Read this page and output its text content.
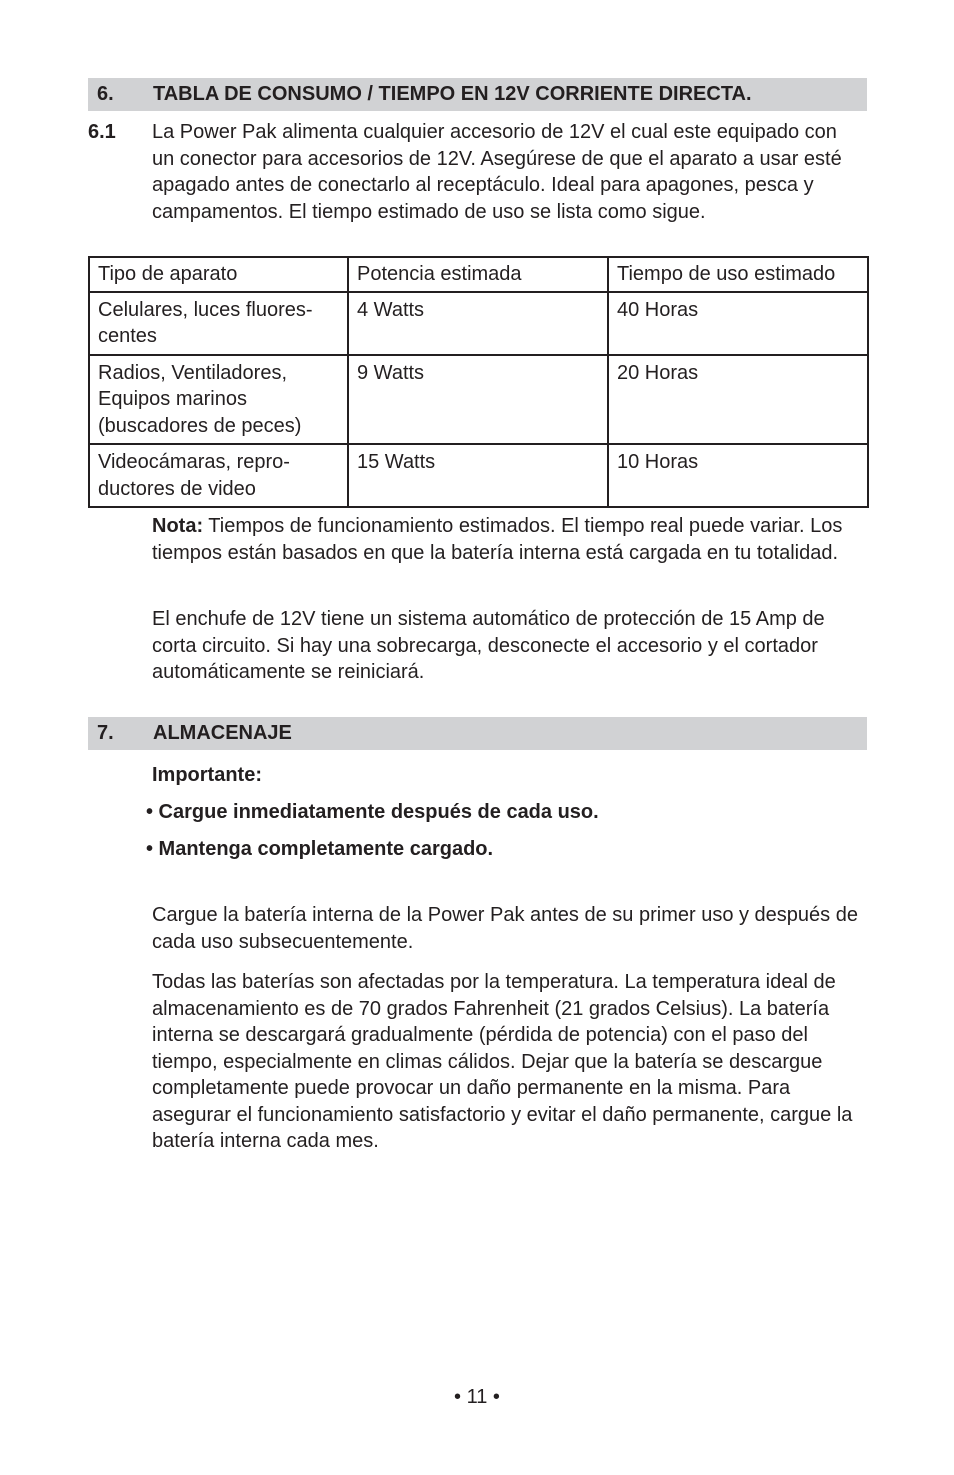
6. TABLA DE CONSUMO / TIEMPO EN 12V CORRIENTE DIRECTA.
6.1 La Power Pak alimenta cualquier accesorio de 12V el cual este equipado con un conector para accesorios de 12V. Asegúrese de que el aparato a usar esté apagado antes de conectarlo al receptáculo. Ideal para apagones, pesca y campamentos. El tiempo estimado de uso se lista como sigue.

Tipo de aparato	Potencia estimada	Tiempo de uso estimado
Celulares, luces fluores-centes	4 Watts	40 Horas
Radios, Ventiladores, Equipos marinos (buscadores de peces)	9 Watts	20 Horas
Videocámaras, repro-ductores de video	15 Watts	10 Horas

Nota: Tiempos de funcionamiento estimados. El tiempo real puede variar. Los tiempos están basados en que la batería interna está cargada en tu totalidad.

El enchufe de 12V tiene un sistema automático de protección de 15 Amp de corta circuito. Si hay una sobrecarga, desconecte el accesorio y el cortador automáticamente se reiniciará.

7. ALMACENAJE

Importante:

• Cargue inmediatamente después de cada uso.
• Mantenga completamente cargado.

Cargue la batería interna de la Power Pak antes de su primer uso y después de cada uso subsecuentemente.

Todas las baterías son afectadas por la temperatura. La temperatura ideal de almacenamiento es de 70 grados Fahrenheit (21 grados Celsius). La batería interna se descargará gradualmente (pérdida de potencia) con el paso del tiempo, especialmente en climas cálidos. Dejar que la batería se descargue completamente puede provocar un daño permanente en la misma. Para asegurar el funcionamiento satisfactorio y evitar el daño permanente, cargue la batería interna cada mes.

• 11 •
